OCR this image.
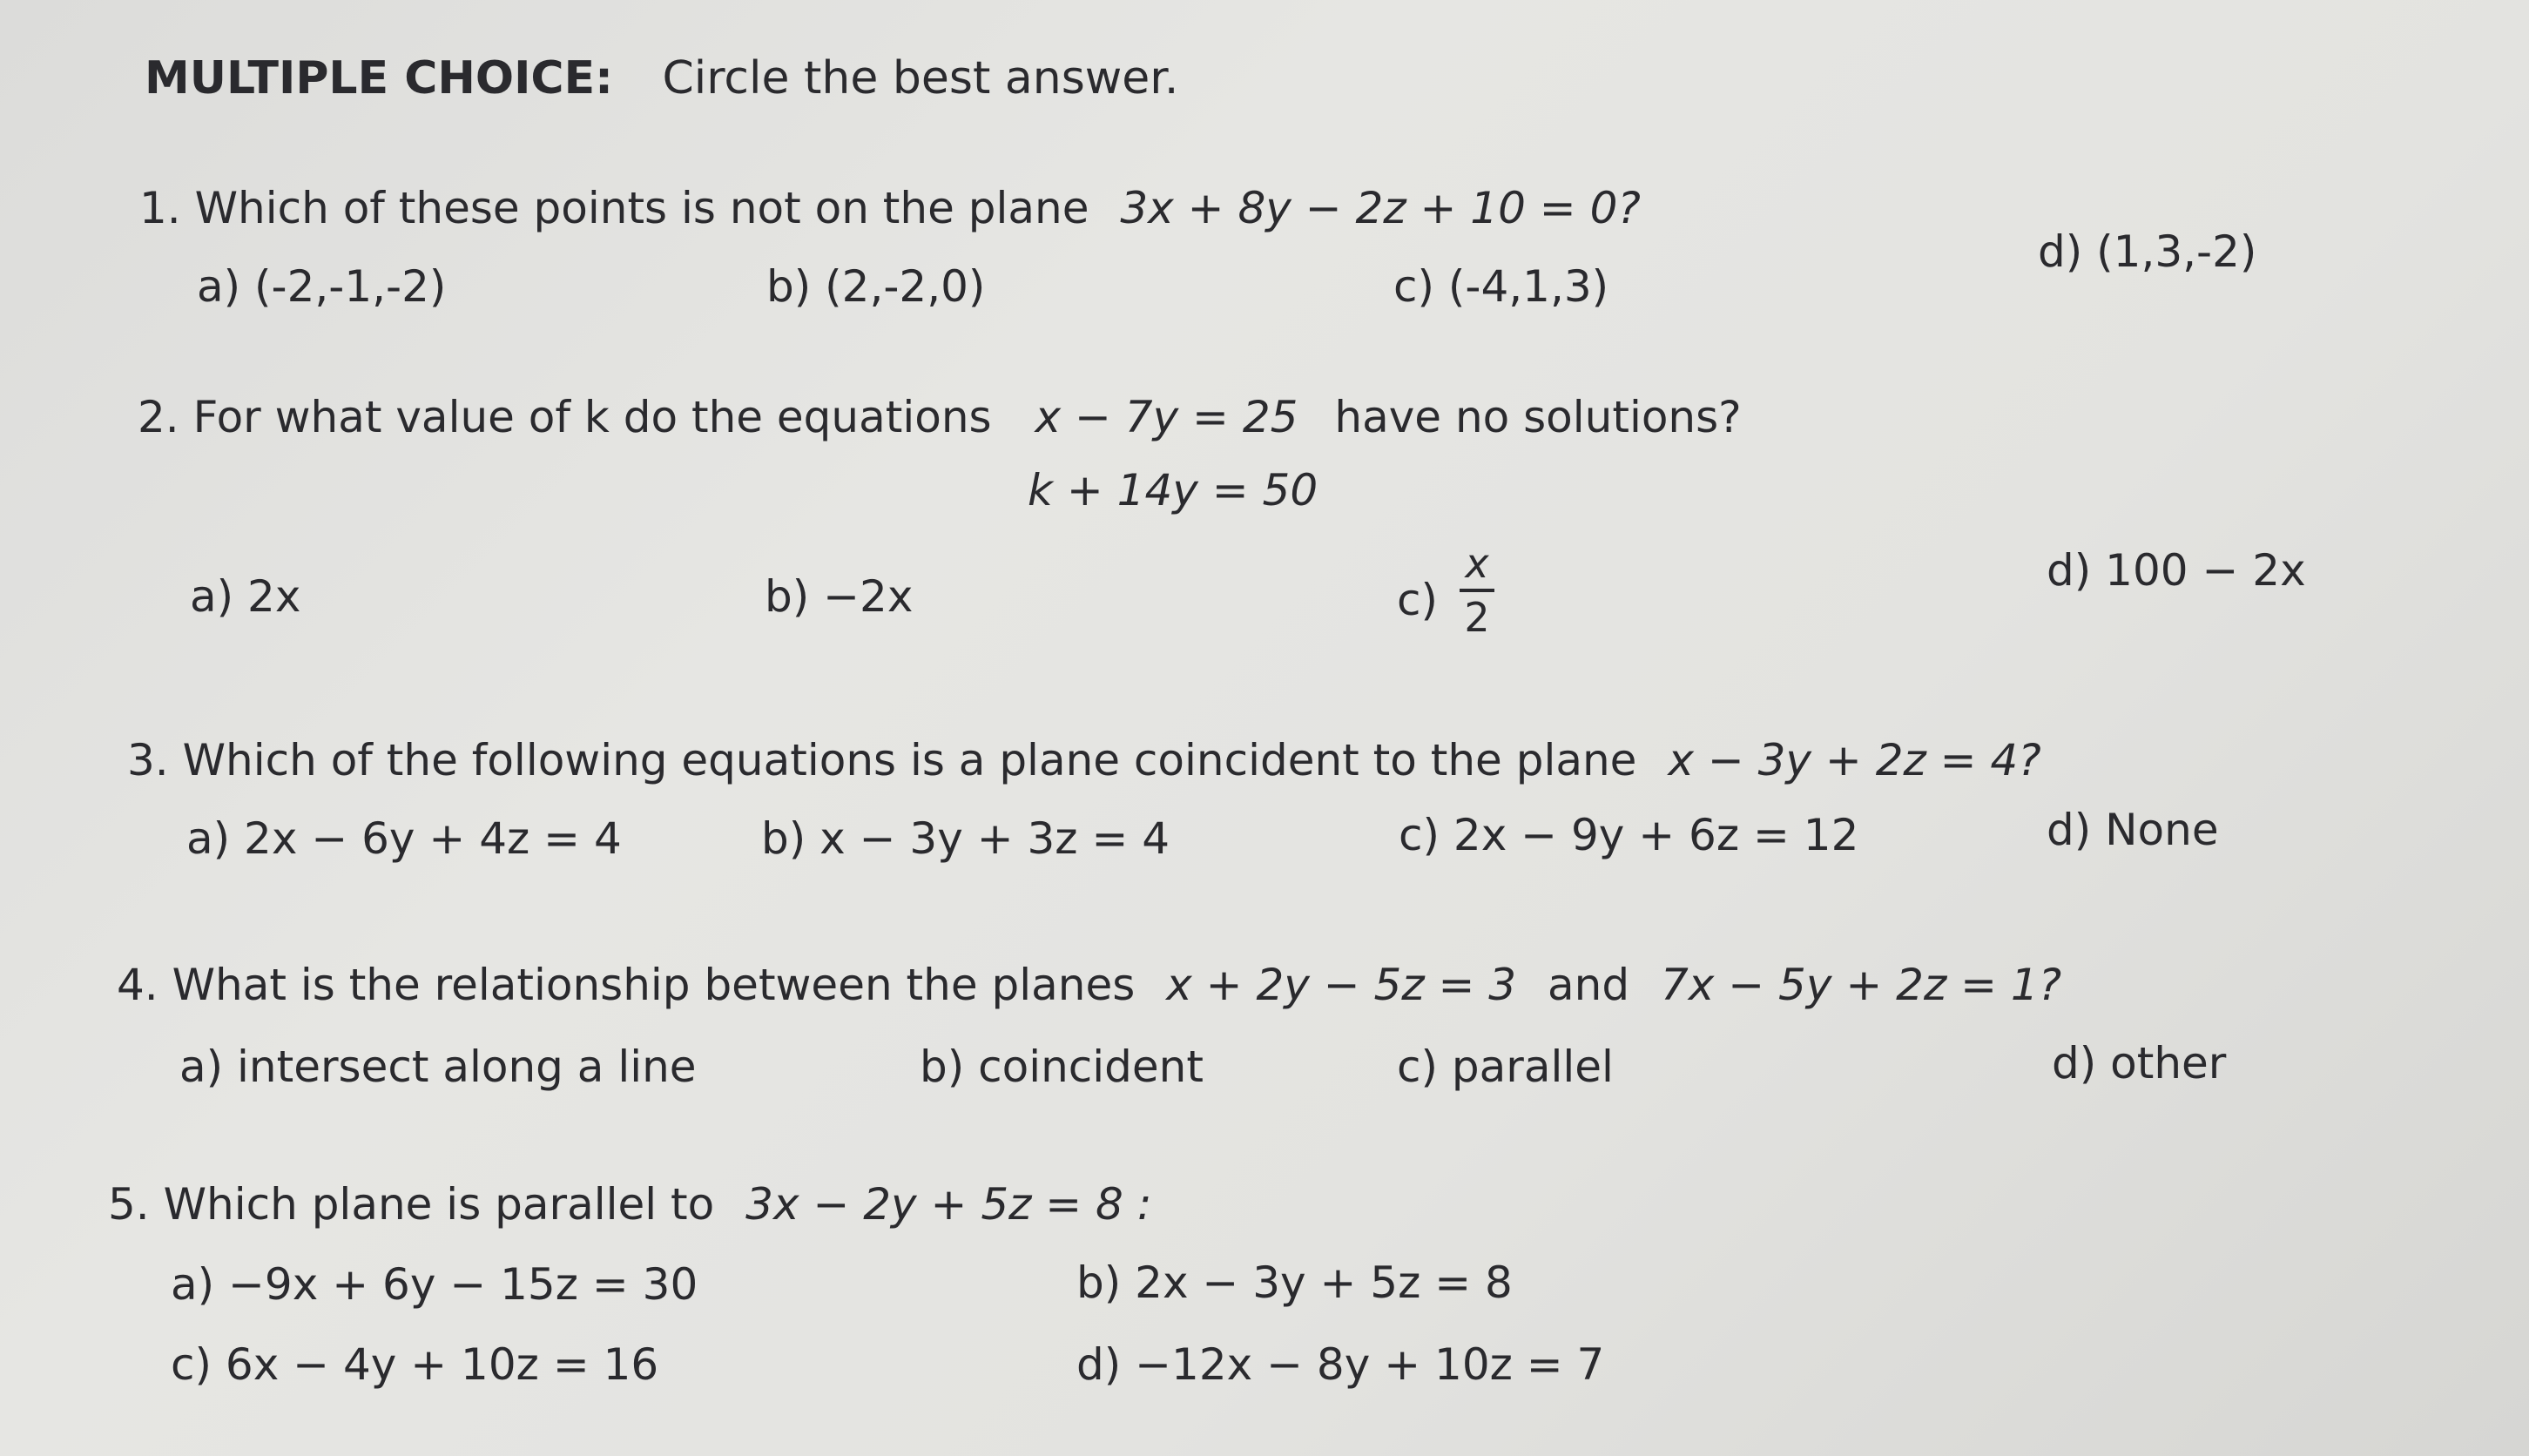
MULTIPLE CHOICE: Circle the best answer.
1. Which of these points is not on the plane 3x + 8y − 2z + 10 = 0?
a) (-2,-1,-2)	b) (2,-2,0)	c) (-4,1,3)
d) (1,3,-2)
2. For what value of k do the equations x − 7y = 25 have no solutions?
k + 14y = 50
a) 2x	b) −2x	c)
x
2
d) 100 − 2x
3. Which of the following equations is a plane coincident to the plane x − 3y + 2z = 4?
a) 2x − 6y + 4z = 4	b) x − 3y + 3z = 4	c) 2x − 9y + 6z = 12	d) None
4. What is the relationship between the planes x + 2y − 5z = 3 and 7x − 5y + 2z = 1?
a) intersect along a line	b) coincident	c) parallel	d) other
5. Which plane is parallel to 3x − 2y + 5z = 8 :
a) −9x + 6y − 15z = 30	b) 2x − 3y + 5z = 8
c) 6x − 4y + 10z = 16	d) −12x − 8y + 10z = 7
